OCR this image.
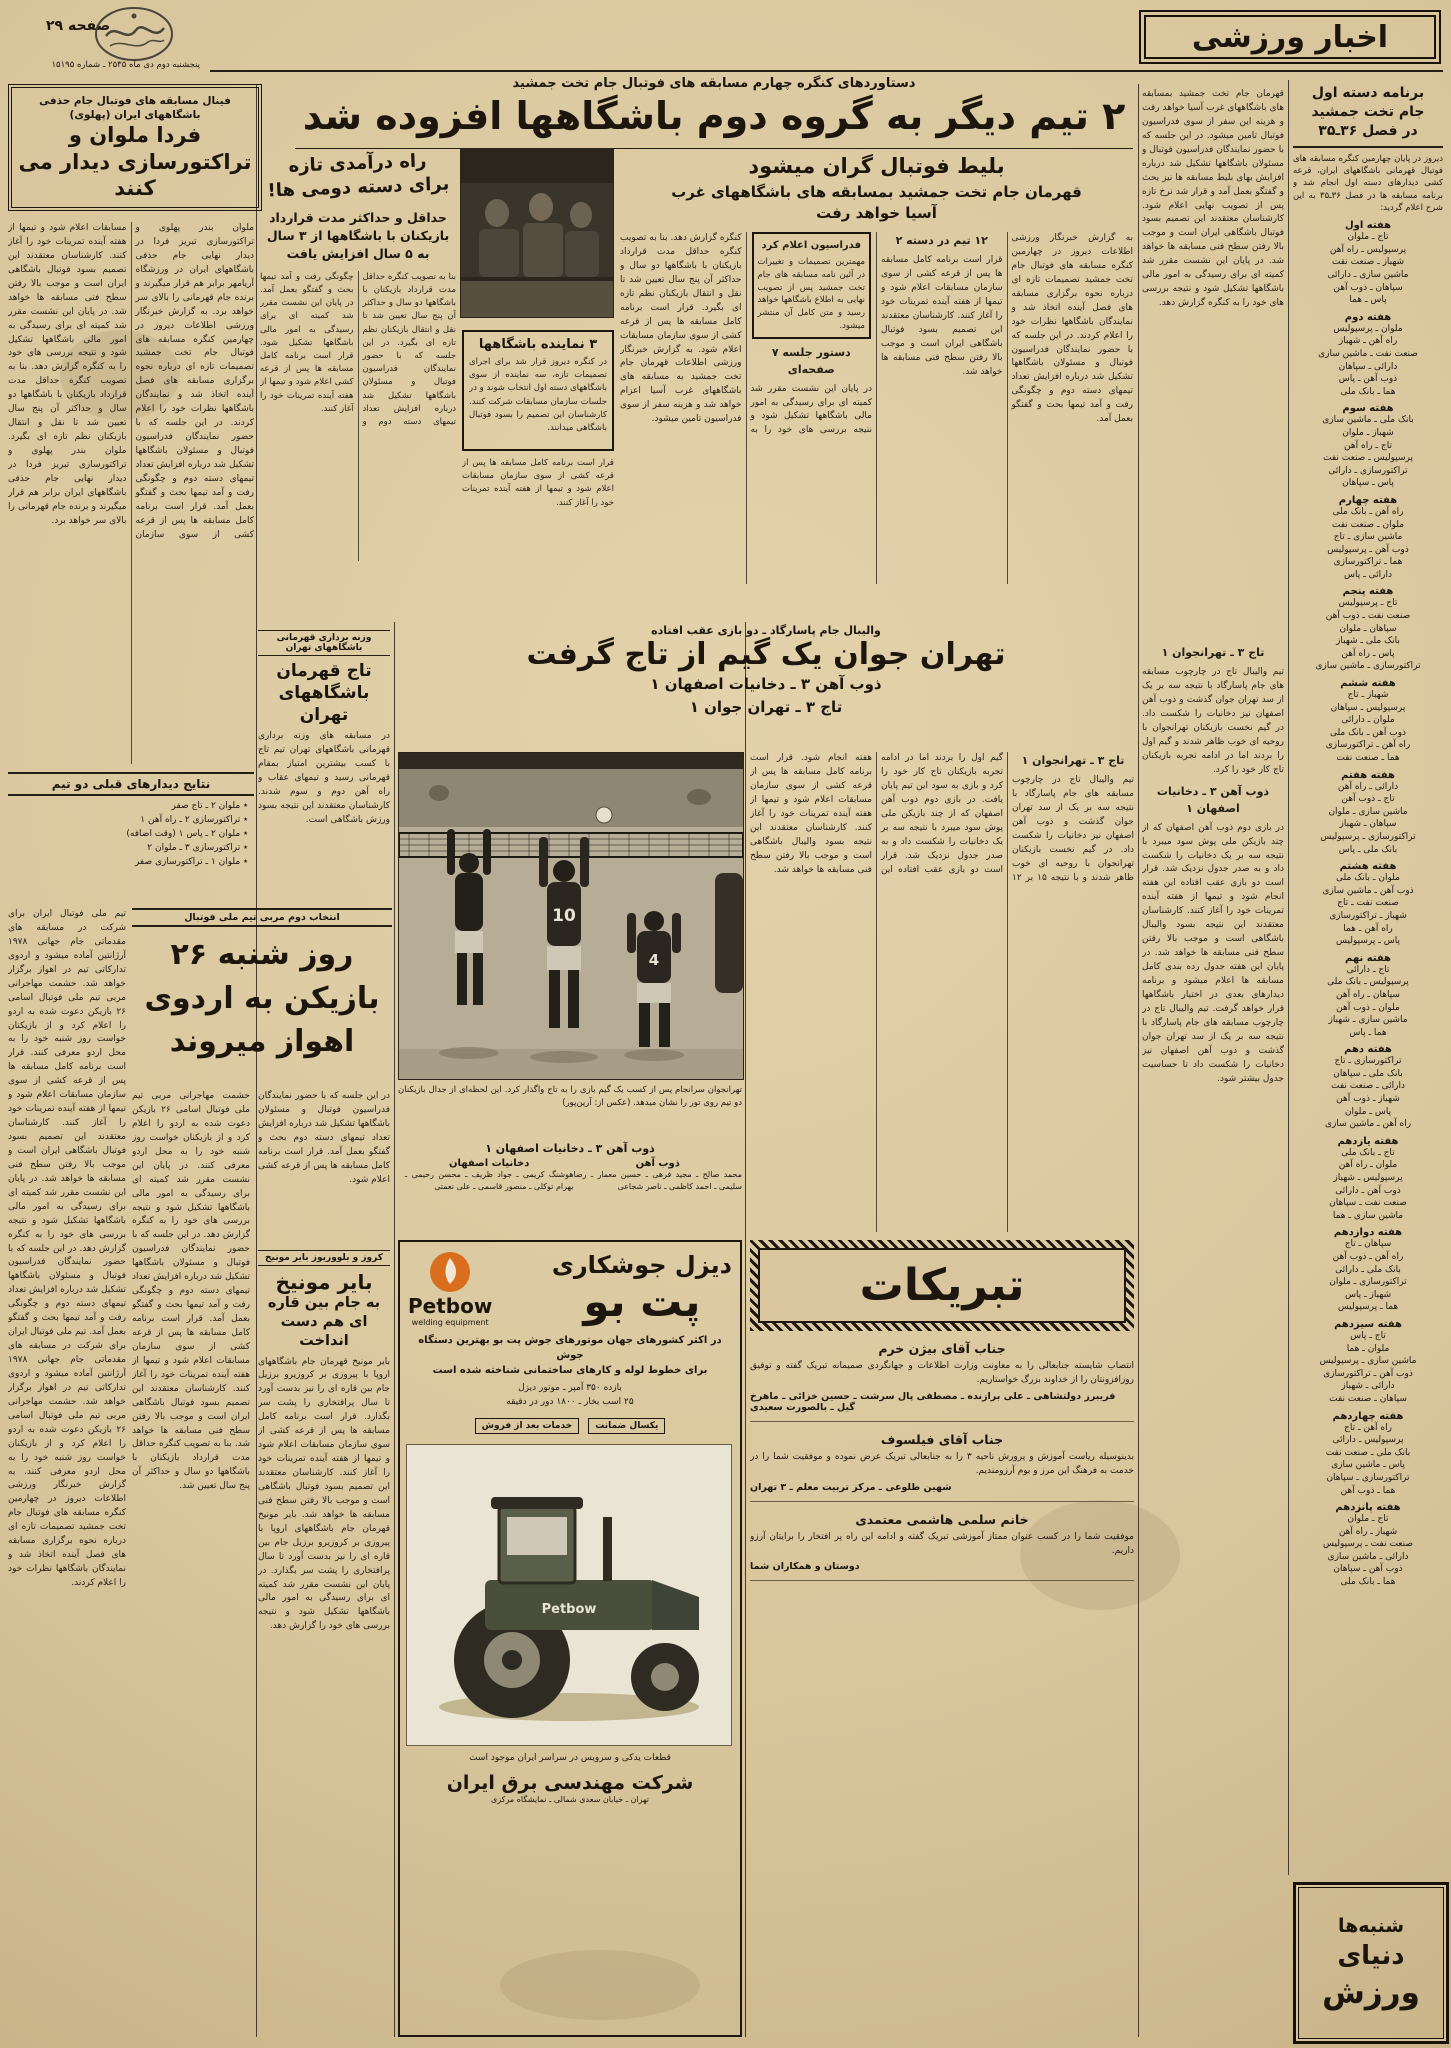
اخبار ورزشی
صفحه ۲۹
پنجشنبه دوم دی ماه ۲۵۳۵ ـ شماره ۱۵۱۹۵
دستاوردهای کنگره چهارم مسابقه های فوتبال جام تخت جمشید
۲ تیم دیگر به گروه دوم باشگاهها افزوده شد
برنامه دسته اول
جام تخت جمشید
در فصل ۳۶ـ۳۵
دیروز در پایان چهارمین کنگره مسابقه های فوتبال قهرمانی باشگاههای ایران، قرعه کشی دیدارهای دسته اول انجام شد و برنامه مسابقه ها در فصل ۳۶ـ۳۵ به این شرح اعلام گردید:
هفته اول
تاج ـ ملوان
پرسپولیس ـ راه آهن
شهباز ـ صنعت نفت
ماشین سازی ـ دارائی
سپاهان ـ ذوب آهن
پاس ـ هما
هفته دوم
ملوان ـ پرسپولیس
راه آهن ـ شهباز
صنعت نفت ـ ماشین سازی
دارائی ـ سپاهان
ذوب آهن ـ پاس
هما ـ بانک ملی
هفته سوم
بانک ملی ـ ماشین سازی
شهباز ـ ملوان
تاج ـ راه آهن
پرسپولیس ـ صنعت نفت
تراکتورسازی ـ دارائی
پاس ـ سپاهان
هفته چهارم
راه آهن ـ بانک ملی
ملوان ـ صنعت نفت
ماشین سازی ـ تاج
ذوب آهن ـ پرسپولیس
هما ـ تراکتورسازی
دارائی ـ پاس
هفته پنجم
تاج ـ پرسپولیس
صنعت نفت ـ ذوب آهن
سپاهان ـ ملوان
بانک ملی ـ شهباز
پاس ـ راه آهن
تراکتورسازی ـ ماشین سازی
هفته ششم
شهباز ـ تاج
پرسپولیس ـ سپاهان
ملوان ـ دارائی
ذوب آهن ـ بانک ملی
راه آهن ـ تراکتورسازی
هما ـ صنعت نفت
هفته هفتم
دارائی ـ راه آهن
تاج ـ ذوب آهن
ماشین سازی ـ ملوان
سپاهان ـ شهباز
تراکتورسازی ـ پرسپولیس
بانک ملی ـ پاس
هفته هشتم
ملوان ـ بانک ملی
ذوب آهن ـ ماشین سازی
صنعت نفت ـ تاج
شهباز ـ تراکتورسازی
راه آهن ـ هما
پاس ـ پرسپولیس
هفته نهم
تاج ـ دارائی
پرسپولیس ـ بانک ملی
سپاهان ـ راه آهن
ملوان ـ ذوب آهن
ماشین سازی ـ شهباز
هما ـ پاس
هفته دهم
تراکتورسازی ـ تاج
بانک ملی ـ سپاهان
دارائی ـ صنعت نفت
شهباز ـ ذوب آهن
پاس ـ ملوان
راه آهن ـ ماشین سازی
هفته یازدهم
تاج ـ بانک ملی
ملوان ـ راه آهن
پرسپولیس ـ شهباز
ذوب آهن ـ دارائی
صنعت نفت ـ سپاهان
ماشین سازی ـ هما
هفته دوازدهم
سپاهان ـ تاج
راه آهن ـ ذوب آهن
بانک ملی ـ دارائی
تراکتورسازی ـ ملوان
شهباز ـ پاس
هما ـ پرسپولیس
هفته سیزدهم
تاج ـ پاس
ملوان ـ هما
ماشین سازی ـ پرسپولیس
ذوب آهن ـ تراکتورسازی
دارائی ـ شهباز
سپاهان ـ صنعت نفت
هفته چهاردهم
راه آهن ـ تاج
پرسپولیس ـ دارائی
بانک ملی ـ صنعت نفت
پاس ـ ماشین سازی
تراکتورسازی ـ سپاهان
هما ـ ذوب آهن
هفته پانزدهم
تاج ـ ملوان
شهباز ـ راه آهن
صنعت نفت ـ پرسپولیس
دارائی ـ ماشین سازی
ذوب آهن ـ سپاهان
هما ـ بانک ملی
شنبه‌ها
دنیای
ورزش
فینال مسابقه های فوتبال جام حذفی باشگاههای ایران (پهلوی)
فردا ملوان و تراکتورسازی دیدار می کنند
ملوان بندر پهلوی و تراکتورسازی تبریز فردا در دیدار نهایی جام حذفی باشگاههای ایران در ورزشگاه آریامهر برابر هم قرار میگیرند و برنده جام قهرمانی را بالای سر خواهد برد. به گزارش خبرنگار ورزشی اطلاعات دیروز در چهارمین کنگره مسابقه های فوتبال جام تخت جمشید تصمیمات تازه ای درباره نحوه برگزاری مسابقه های فصل آینده اتخاذ شد و نمایندگان باشگاهها نظرات خود را اعلام کردند. در این جلسه که با حضور نمایندگان فدراسیون فوتبال و مسئولان باشگاهها تشکیل شد درباره افزایش تعداد تیمهای دسته دوم و چگونگی رفت و آمد تیمها بحث و گفتگو بعمل آمد. قرار است برنامه کامل مسابقه ها پس از قرعه کشی از سوی سازمان مسابقات اعلام شود و تیمها از هفته آینده تمرینات خود را آغاز کنند. کارشناسان معتقدند این تصمیم بسود فوتبال باشگاهی ایران است و موجب بالا رفتن سطح فنی مسابقه ها خواهد شد. در پایان این نشست مقرر شد کمیته ای برای رسیدگی به امور مالی باشگاهها تشکیل شود و نتیجه بررسی های خود را به کنگره گزارش دهد. بنا به تصویب کنگره حداقل مدت قرارداد بازیکنان با باشگاهها دو سال و حداکثر آن پنج سال تعیین شد تا نقل و انتقال بازیکنان نظم تازه ای بگیرد. ملوان بندر پهلوی و تراکتورسازی تبریز فردا در دیدار نهایی جام حذفی باشگاههای ایران برابر هم قرار میگیرند و برنده جام قهرمانی را بالای سر خواهد برد.
نتایج دیدارهای قبلی دو تیم
٭ ملوان ۲ ـ تاج صفر
٭ تراکتورسازی ۲ ـ راه آهن ۱
٭ ملوان ۲ ـ پاس ۱ (وقت اضافه)
٭ تراکتورسازی ۳ ـ ملوان ۲
٭ ملوان ۱ ـ تراکتورسازی صفر
انتخاب دوم مربی تیم ملی فوتبال
روز شنبه ۲۶
بازیکن به اردوی
اهواز میروند
تیم ملی فوتبال ایران برای شرکت در مسابقه های مقدماتی جام جهانی ۱۹۷۸ آرژانتین آماده میشود و اردوی تدارکاتی تیم در اهواز برگزار خواهد شد. حشمت مهاجرانی مربی تیم ملی فوتبال اسامی ۲۶ بازیکن دعوت شده به اردو را اعلام کرد و از بازیکنان خواست روز شنبه خود را به محل اردو معرفی کنند. قرار است برنامه کامل مسابقه ها پس از قرعه کشی از سوی سازمان مسابقات اعلام شود و تیمها از هفته آینده تمرینات خود را آغاز کنند. کارشناسان معتقدند این تصمیم بسود فوتبال باشگاهی ایران است و موجب بالا رفتن سطح فنی مسابقه ها خواهد شد. در پایان این نشست مقرر شد کمیته ای برای رسیدگی به امور مالی باشگاهها تشکیل شود و نتیجه بررسی های خود را به کنگره گزارش دهد. در این جلسه که با حضور نمایندگان فدراسیون فوتبال و مسئولان باشگاهها تشکیل شد درباره افزایش تعداد تیمهای دسته دوم و چگونگی رفت و آمد تیمها بحث و گفتگو بعمل آمد. تیم ملی فوتبال ایران برای شرکت در مسابقه های مقدماتی جام جهانی ۱۹۷۸ آرژانتین آماده میشود و اردوی تدارکاتی تیم در اهواز برگزار خواهد شد. حشمت مهاجرانی مربی تیم ملی فوتبال اسامی ۲۶ بازیکن دعوت شده به اردو را اعلام کرد و از بازیکنان خواست روز شنبه خود را به محل اردو معرفی کنند. به گزارش خبرنگار ورزشی اطلاعات دیروز در چهارمین کنگره مسابقه های فوتبال جام تخت جمشید تصمیمات تازه ای درباره نحوه برگزاری مسابقه های فصل آینده اتخاذ شد و نمایندگان باشگاهها نظرات خود را اعلام کردند.
حشمت مهاجرانی مربی تیم ملی فوتبال اسامی ۲۶ بازیکن دعوت شده به اردو را اعلام کرد و از بازیکنان خواست روز شنبه خود را به محل اردو معرفی کنند. در پایان این نشست مقرر شد کمیته ای برای رسیدگی به امور مالی باشگاهها تشکیل شود و نتیجه بررسی های خود را به کنگره گزارش دهد. در این جلسه که با حضور نمایندگان فدراسیون فوتبال و مسئولان باشگاهها تشکیل شد درباره افزایش تعداد تیمهای دسته دوم و چگونگی رفت و آمد تیمها بحث و گفتگو بعمل آمد. قرار است برنامه کامل مسابقه ها پس از قرعه کشی از سوی سازمان مسابقات اعلام شود و تیمها از هفته آینده تمرینات خود را آغاز کنند. کارشناسان معتقدند این تصمیم بسود فوتبال باشگاهی ایران است و موجب بالا رفتن سطح فنی مسابقه ها خواهد شد. بنا به تصویب کنگره حداقل مدت قرارداد بازیکنان با باشگاهها دو سال و حداکثر آن پنج سال تعیین شد.
وزنه برداری قهرمانی باشگاههای تهران
تاج قهرمان باشگاههای تهران
در مسابقه های وزنه برداری قهرمانی باشگاههای تهران تیم تاج با کسب بیشترین امتیاز بمقام قهرمانی رسید و تیمهای عقاب و راه آهن دوم و سوم شدند. کارشناسان معتقدند این نتیجه بسود ورزش باشگاهی است.
در این جلسه که با حضور نمایندگان فدراسیون فوتبال و مسئولان باشگاهها تشکیل شد درباره افزایش تعداد تیمهای دسته دوم بحث و گفتگو بعمل آمد. قرار است برنامه کامل مسابقه ها پس از قرعه کشی اعلام شود.
کروز و بلووریوز بایر مونیخ
بایر مونیخ
به جام بین قاره ای هم دست انداخت
بایر مونیخ قهرمان جام باشگاههای اروپا با پیروزی بر کروزیرو برزیل جام بین قاره ای را نیز بدست آورد تا سال پرافتخاری را پشت سر بگذارد. قرار است برنامه کامل مسابقه ها پس از قرعه کشی از سوی سازمان مسابقات اعلام شود و تیمها از هفته آینده تمرینات خود را آغاز کنند. کارشناسان معتقدند این تصمیم بسود فوتبال باشگاهی است و موجب بالا رفتن سطح فنی مسابقه ها خواهد شد. بایر مونیخ قهرمان جام باشگاههای اروپا با پیروزی بر کروزیرو برزیل جام بین قاره ای را نیز بدست آورد تا سال پرافتخاری را پشت سر بگذارد. در پایان این نشست مقرر شد کمیته ای برای رسیدگی به امور مالی باشگاهها تشکیل شود و نتیجه بررسی های خود را گزارش دهد.
راه درآمدی تازه
برای دسته دومی ها!
حداقل و حداکثر مدت قرارداد بازیکنان با باشگاهها از ۳ سال به ۵ سال افزایش یافت
بنا به تصویب کنگره حداقل مدت قرارداد بازیکنان با باشگاهها دو سال و حداکثر آن پنج سال تعیین شد تا نقل و انتقال بازیکنان نظم تازه ای بگیرد. در این جلسه که با حضور نمایندگان فدراسیون فوتبال و مسئولان باشگاهها تشکیل شد درباره افزایش تعداد تیمهای دسته دوم و چگونگی رفت و آمد تیمها بحث و گفتگو بعمل آمد. در پایان این نشست مقرر شد کمیته ای برای رسیدگی به امور مالی باشگاهها تشکیل شود. قرار است برنامه کامل مسابقه ها پس از قرعه کشی اعلام شود و تیمها از هفته آینده تمرینات خود را آغاز کنند.
۳ نماینده باشگاهها
در کنگره دیروز قرار شد برای اجرای تصمیمات تازه، سه نماینده از سوی باشگاههای دسته اول انتخاب شوند و در جلسات سازمان مسابقات شرکت کنند. کارشناسان این تصمیم را بسود فوتبال باشگاهی میدانند.
قرار است برنامه کامل مسابقه ها پس از قرعه کشی از سوی سازمان مسابقات اعلام شود و تیمها از هفته آینده تمرینات خود را آغاز کنند.
بلیط فوتبال گران میشود
قهرمان جام تخت جمشید بمسابقه های باشگاههای غرب آسیا خواهد رفت
به گزارش خبرنگار ورزشی اطلاعات دیروز در چهارمین کنگره مسابقه های فوتبال جام تخت جمشید تصمیمات تازه ای درباره نحوه برگزاری مسابقه های فصل آینده اتخاذ شد و نمایندگان باشگاهها نظرات خود را اعلام کردند. در این جلسه که با حضور نمایندگان فدراسیون فوتبال و مسئولان باشگاهها تشکیل شد درباره افزایش تعداد تیمهای دسته دوم و چگونگی رفت و آمد تیمها بحث و گفتگو بعمل آمد.
۱۲ تیم در دسته ۲
قرار است برنامه کامل مسابقه ها پس از قرعه کشی از سوی سازمان مسابقات اعلام شود و تیمها از هفته آینده تمرینات خود را آغاز کنند. کارشناسان معتقدند این تصمیم بسود فوتبال باشگاهی ایران است و موجب بالا رفتن سطح فنی مسابقه ها خواهد شد.
فدراسیون اعلام کرد
مهمترین تصمیمات و تغییرات در آئین نامه مسابقه های جام تخت جمشید پس از تصویب نهایی به اطلاع باشگاهها خواهد رسید و متن کامل آن منتشر میشود.
دستور جلسه ۷ صفحه‌ای
در پایان این نشست مقرر شد کمیته ای برای رسیدگی به امور مالی باشگاهها تشکیل شود و نتیجه بررسی های خود را به کنگره گزارش دهد. بنا به تصویب کنگره حداقل مدت قرارداد بازیکنان با باشگاهها دو سال و حداکثر آن پنج سال تعیین شد تا نقل و انتقال بازیکنان نظم تازه ای بگیرد. قرار است برنامه کامل مسابقه ها پس از قرعه کشی از سوی سازمان مسابقات اعلام شود. به گزارش خبرنگار ورزشی اطلاعات قهرمان جام تخت جمشید به مسابقه های باشگاههای غرب آسیا اعزام خواهد شد و هزینه سفر از سوی فدراسیون تامین میشود.
قهرمان جام تخت جمشید بمسابقه های باشگاههای غرب آسیا خواهد رفت و هزینه این سفر از سوی فدراسیون فوتبال تامین میشود. در این جلسه که با حضور نمایندگان فدراسیون فوتبال و مسئولان باشگاهها تشکیل شد درباره افزایش بهای بلیط مسابقه ها نیز بحث و گفتگو بعمل آمد و قرار شد نرخ تازه پس از تصویب نهایی اعلام شود. کارشناسان معتقدند این تصمیم بسود فوتبال باشگاهی ایران است و موجب بالا رفتن سطح فنی مسابقه ها خواهد شد. در پایان این نشست مقرر شد کمیته ای برای رسیدگی به امور مالی باشگاهها تشکیل شود و نتیجه بررسی های خود را به کنگره گزارش دهد.
والیبال جام پاسارگاد ـ دو بازی عقب افتاده
تهران جوان یک گیم از تاج گرفت
ذوب آهن ۳ ـ دخانیات اصفهان ۱
تاج ۳ ـ تهران جوان ۱
10
4
تهرانجوان سرانجام پس از کسب یک گیم بازی را به تاج واگذار کرد. این لحظه‌ای از جدال بازیکنان دو تیم روی تور را نشان میدهد. (عکس از: آرین‌پور)
ذوب آهن ۳ ـ دخانیات اصفهان ۱
ذوب آهن
محمد صالح ـ مجید فرهی ـ حسین معمار ـ رضا سلیمی ـ احمد کاظمی ـ ناصر شجاعی
دخانیات اصفهان
هوشنگ کریمی ـ جواد ظریف ـ محسن رحیمی ـ بهرام توکلی ـ منصور قاسمی ـ علی نعمتی
تاج ۳ ـ تهرانجوان ۱
تیم والیبال تاج در چارچوب مسابقه های جام پاسارگاد با نتیجه سه بر یک از سد تهران جوان گذشت و ذوب آهن اصفهان نیز دخانیات را شکست داد. در گیم نخست بازیکنان تهرانجوان با روحیه ای خوب ظاهر شدند و با نتیجه ۱۵ بر ۱۲ گیم اول را بردند اما در ادامه تجربه بازیکنان تاج کار خود را کرد و بازی به سود این تیم پایان یافت. در بازی دوم ذوب آهن اصفهان که از چند بازیکن ملی پوش سود میبرد با نتیجه سه بر یک دخانیات را شکست داد و به صدر جدول نزدیک شد. قرار است دو بازی عقب افتاده این هفته انجام شود. قرار است برنامه کامل مسابقه ها پس از قرعه کشی از سوی سازمان مسابقات اعلام شود و تیمها از هفته آینده تمرینات خود را آغاز کنند. کارشناسان معتقدند این نتیجه بسود والیبال باشگاهی است و موجب بالا رفتن سطح فنی مسابقه ها خواهد شد.
تاج ۳ ـ تهرانجوان ۱
تیم والیبال تاج در چارچوب مسابقه های جام پاسارگاد با نتیجه سه بر یک از سد تهران جوان گذشت و ذوب آهن اصفهان نیز دخانیات را شکست داد. در گیم نخست بازیکنان تهرانجوان با روحیه ای خوب ظاهر شدند و گیم اول را بردند اما در ادامه تجربه بازیکنان تاج کار خود را کرد.
ذوب آهن ۳ ـ دخانیات اصفهان ۱
در بازی دوم ذوب آهن اصفهان که از چند بازیکن ملی پوش سود میبرد با نتیجه سه بر یک دخانیات را شکست داد و به صدر جدول نزدیک شد. قرار است دو بازی عقب افتاده این هفته انجام شود و تیمها از هفته آینده تمرینات خود را آغاز کنند. کارشناسان معتقدند این نتیجه بسود والیبال باشگاهی است و موجب بالا رفتن سطح فنی مسابقه ها خواهد شد. در پایان این هفته جدول رده بندی کامل مسابقه ها اعلام میشود و برنامه دیدارهای بعدی در اختیار باشگاهها قرار خواهد گرفت. تیم والیبال تاج در چارچوب مسابقه های جام پاسارگاد با نتیجه سه بر یک از سد تهران جوان گذشت و ذوب آهن اصفهان نیز دخانیات را شکست داد تا حساسیت جدول بیشتر شود.
دیزل جوشکاری
پت بو
Petbow
welding equipment
در اکثر کشورهای جهان موتورهای جوش پت بو بهترین دستگاه جوش
برای خطوط لوله و کارهای ساختمانی شناخته شده است
بازده ۳۵۰ آمپر ـ موتور دیزل
۲۵ اسب بخار ـ ۱۸۰۰ دور در دقیقه
یکسال ضمانت خدمات بعد از فروش
Petbow
قطعات یدکی و سرویس در سراسر ایران موجود است
شرکت مهندسی برق ایران
تهران ـ خیابان سعدی شمالی ـ نمایشگاه مرکزی
تبریکات
جناب آقای بیژن خرم
انتصاب شایسته جنابعالی را به معاونت وزارت اطلاعات و جهانگردی صمیمانه تبریک گفته و توفیق روزافزونتان را از خداوند بزرگ خواستاریم.
فریبرز دولتشاهی ـ علی برازنده ـ مصطفی پال سرشت ـ حسین خزائی ـ ماهرخ گیل ـ بالصورت سعیدی
جناب آقای فیلسوف
بدینوسیله ریاست آموزش و پرورش ناحیه ۳ را به جنابعالی تبریک عرض نموده و موفقیت شما را در خدمت به فرهنگ این مرز و بوم آرزومندیم.
شهین طلوعی ـ مرکز تربیت معلم ـ ۳ تهران
خانم سلمی هاشمی معتمدی
موفقیت شما را در کسب عنوان ممتاز آموزشی تبریک گفته و ادامه این راه پر افتخار را برایتان آرزو داریم.
دوستان و همکاران شما
